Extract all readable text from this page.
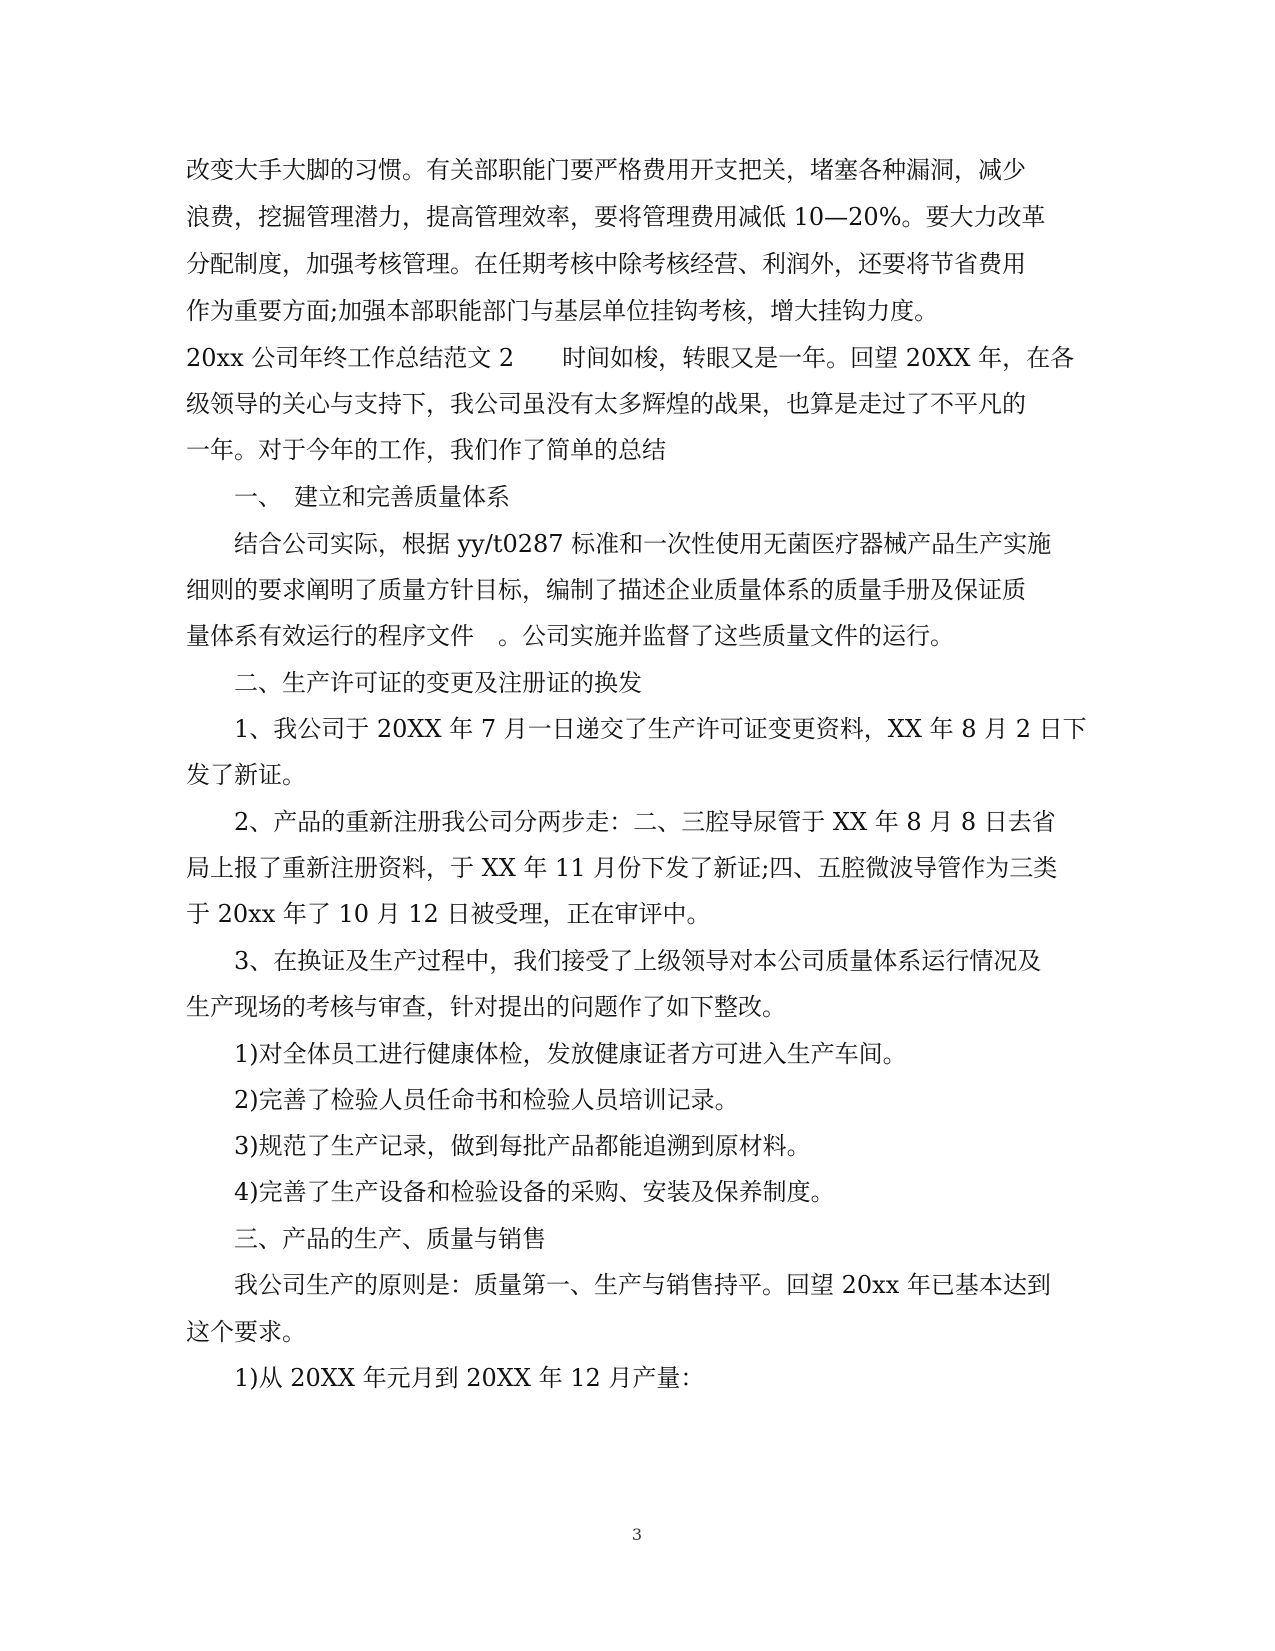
改变大手大脚的习惯。有关部职能门要严格费用开支把关，堵塞各种漏洞，减少

浪费，挖掘管理潜力，提高管理效率，要将管理费用减低 10—20%。要大力改革

分配制度，加强考核管理。在任期考核中除考核经营、利润外，还要将节省费用

作为重要方面;加强本部职能部门与基层单位挂钩考核，增大挂钩力度。

20xx 公司年终工作总结范文 2　　时间如梭，转眼又是一年。回望 20XX 年，在各

级领导的关心与支持下，我公司虽没有太多辉煌的战果，也算是走过了不平凡的

一年。对于今年的工作，我们作了简单的总结

　　一、　建立和完善质量体系

　　结合公司实际，根据 yy/t0287 标准和一次性使用无菌医疗器械产品生产实施

细则的要求阐明了质量方针目标，编制了描述企业质量体系的质量手册及保证质

量体系有效运行的程序文件　。公司实施并监督了这些质量文件的运行。

　　二、生产许可证的变更及注册证的换发

　　1、我公司于 20XX 年 7 月一日递交了生产许可证变更资料，XX 年 8 月 2 日下

发了新证。

　　2、产品的重新注册我公司分两步走：二、三腔导尿管于 XX 年 8 月 8 日去省

局上报了重新注册资料，于 XX 年 11 月份下发了新证;四、五腔微波导管作为三类

于 20xx 年了 10 月 12 日被受理，正在审评中。

　　3、在换证及生产过程中，我们接受了上级领导对本公司质量体系运行情况及

生产现场的考核与审查，针对提出的问题作了如下整改。

　　1)对全体员工进行健康体检，发放健康证者方可进入生产车间。

　　2)完善了检验人员任命书和检验人员培训记录。

　　3)规范了生产记录，做到每批产品都能追溯到原材料。

　　4)完善了生产设备和检验设备的采购、安装及保养制度。

　　三、产品的生产、质量与销售

　　我公司生产的原则是：质量第一、生产与销售持平。回望 20xx 年已基本达到

这个要求。

　　1)从 20XX 年元月到 20XX 年 12 月产量：

3
